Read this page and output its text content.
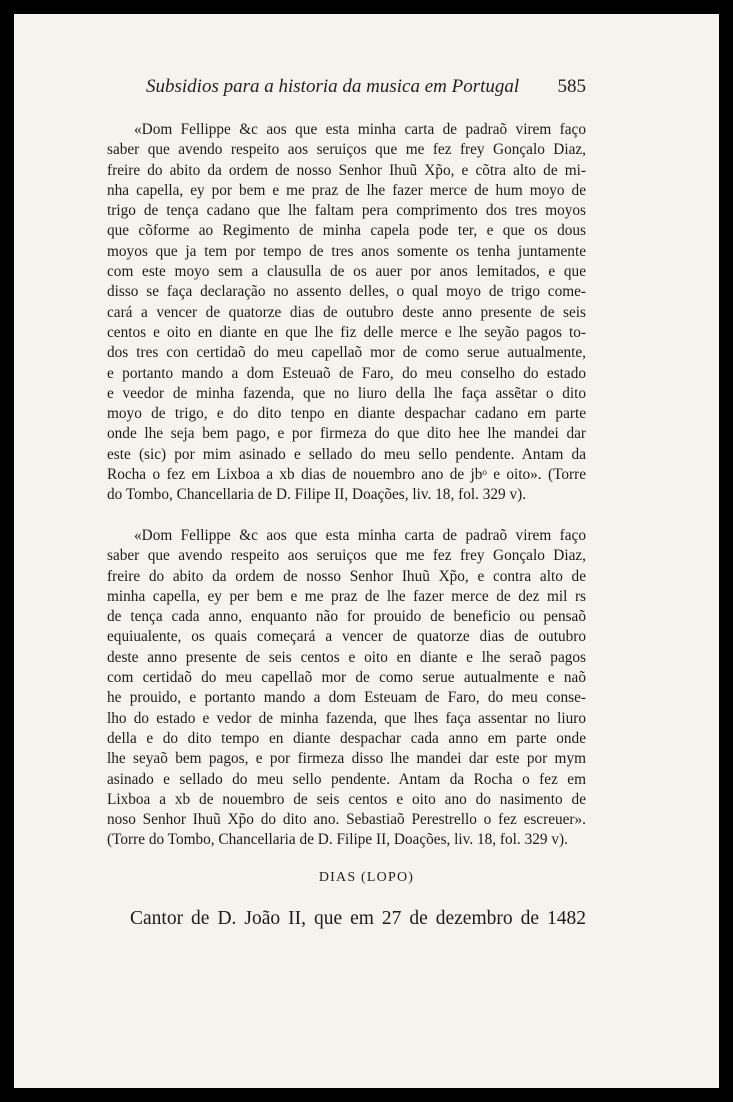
Subsidios para a historia da musica em Portugal 585
«Dom Fellippe &c aos que esta minha carta de padraõ virem faço
saber que avendo respeito aos seruiços que me fez frey Gonçalo Diaz,
freire do abito da ordem de nosso Senhor Ihuũ Xp̃o, e cõtra alto de mi-
nha capella, ey por bem e me praz de lhe fazer merce de hum moyo de
trigo de tença cadano que lhe faltam pera comprimento dos tres moyos
que cõforme ao Regimento de minha capela pode ter, e que os dous
moyos que ja tem por tempo de tres anos somente os tenha juntamente
com este moyo sem a clausulla de os auer por anos lemitados, e que
disso se faça declaração no assento delles, o qual moyo de trigo come-
cará a vencer de quatorze dias de outubro deste anno presente de seis
centos e oito en diante en que lhe fiz delle merce e lhe seyão pagos to-
dos tres con certidaõ do meu capellaõ mor de como serue autualmente,
e portanto mando a dom Esteuaõ de Faro, do meu conselho do estado
e veedor de minha fazenda, que no liuro della lhe faça assẽtar o dito
moyo de trigo, e do dito tenpo en diante despachar cadano em parte
onde lhe seja bem pago, e por firmeza do que dito hee lhe mandei dar
este (sic) por mim asinado e sellado do meu sello pendente. Antam da
Rocha o fez em Lixboa a xb dias de nouembro ano de jbᵒ e oito». (Torre
do Tombo, Chancellaria de D. Filipe II, Doações, liv. 18, fol. 329 v).
«Dom Fellippe &c aos que esta minha carta de padraõ virem faço
saber que avendo respeito aos seruiços que me fez frey Gonçalo Diaz,
freire do abito da ordem de nosso Senhor Ihuũ Xp̃o, e contra alto de
minha capella, ey per bem e me praz de lhe fazer merce de dez mil rs
de tença cada anno, enquanto não for prouido de beneficio ou pensaõ
equiualente, os quais começará a vencer de quatorze dias de outubro
deste anno presente de seis centos e oito en diante e lhe seraõ pagos
com certidaõ do meu capellaõ mor de como serue autualmente e naõ
he prouido, e portanto mando a dom Esteuam de Faro, do meu conse-
lho do estado e vedor de minha fazenda, que lhes faça assentar no liuro
della e do dito tempo en diante despachar cada anno em parte onde
lhe seyaõ bem pagos, e por firmeza disso lhe mandei dar este por mym
asinado e sellado do meu sello pendente. Antam da Rocha o fez em
Lixboa a xb de nouembro de seis centos e oito ano do nasimento de
noso Senhor Ihuũ Xp̃o do dito ano. Sebastiaõ Perestrello o fez escreuer».
(Torre do Tombo, Chancellaria de D. Filipe II, Doações, liv. 18, fol. 329 v).
DIAS (LOPO)
Cantor de D. João II, que em 27 de dezembro de 1482
